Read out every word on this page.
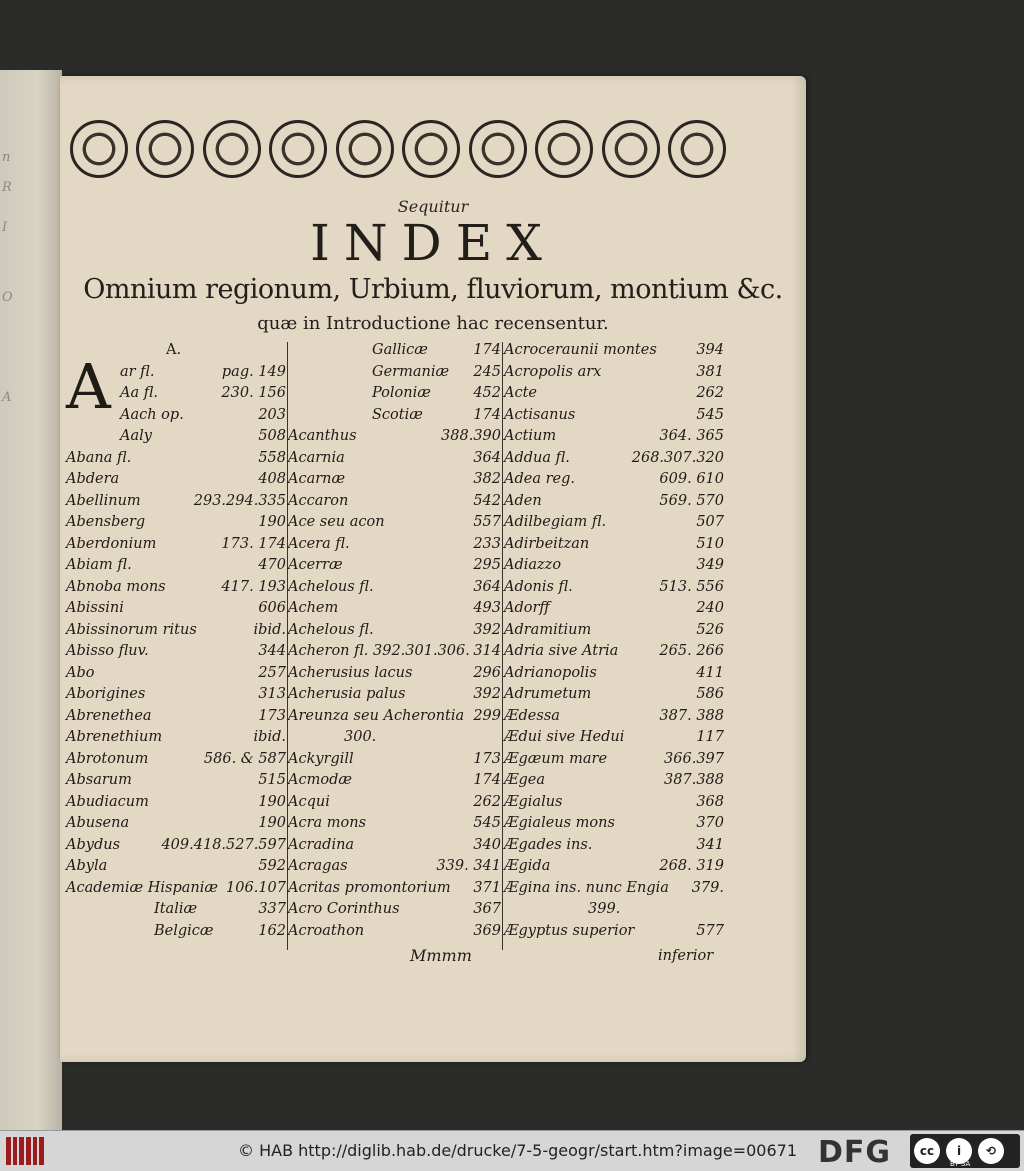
n
R
I
O
A
Sequitur
INDEX
Omnium regionum, Urbium, fluviorum, montium &c.
quæ in Introductione hac recensentur.
A	A.
ar fl.	pag. 149
Aa fl.	230. 156
Aach op.	203
Aaly	508
Abana fl.	558
Abdera	408
Abellinum	293.294.335
Abensberg	190
Aberdonium	173. 174
Abiam fl.	470
Abnoba mons	417. 193
Abissini	606
Abissinorum ritus	ibid.
Abisso fluv.	344
Abo	257
Aborigines	313
Abrenethea	173
Abrenethium	ibid.
Abrotonum	586. & 587
Absarum	515
Abudiacum	190
Abusena	190
Abydus	409.418.527.597
Abyla	592
Academiæ Hispaniæ 106.107
Italiæ	337
Belgicæ	162
Gallicæ	174
Germaniæ 245
Poloniæ	452
Scotiæ	174
Acanthus	388.390
Acarnia	364
Acarnæ	382
Accaron	542
Ace seu acon	557
Acera fl.	233
Acerræ	295
Achelous fl.	364
Achem	493
Achelous fl.	392
Acheron fl. 392.301.306. 314
Acherusius lacus	296
Acherusia palus	392
Areunza seu Acherontia 299
300.
Ackyrgill	173
Acmodæ	174
Acqui	262
Acra mons	545
Acradina	340
Acragas	339. 341
Acritas promontorium 371
Acro Corinthus	367
Acroathon	369
Acroceraunii montes	394
Acropolis arx	381
Acte	262
Actisanus	545
Actium	364. 365
Addua fl.	268.307.320
Adea reg.	609. 610
Aden	569. 570
Adilbegiam fl.	507
Adirbeitzan	510
Adiazzo	349
Adonis fl.	513. 556
Adorff	240
Adramitium	526
Adria sive Atria	265. 266
Adrianopolis	411
Adrumetum	586
Ædessa	387. 388
Ædui sive Hedui	117
Ægæum mare	366.397
Ægea	387.388
Ægialus	368
Ægialeus mons	370
Ægades ins.	341
Ægida	268. 319
Ægina ins. nunc Engia 379.
399.
Ægyptus superior	577
Mmmm	inferior
© HAB http://diglib.hab.de/drucke/7-5-geogr/start.htm?image=00671 DFG	cc	i	⟲
BY SA
